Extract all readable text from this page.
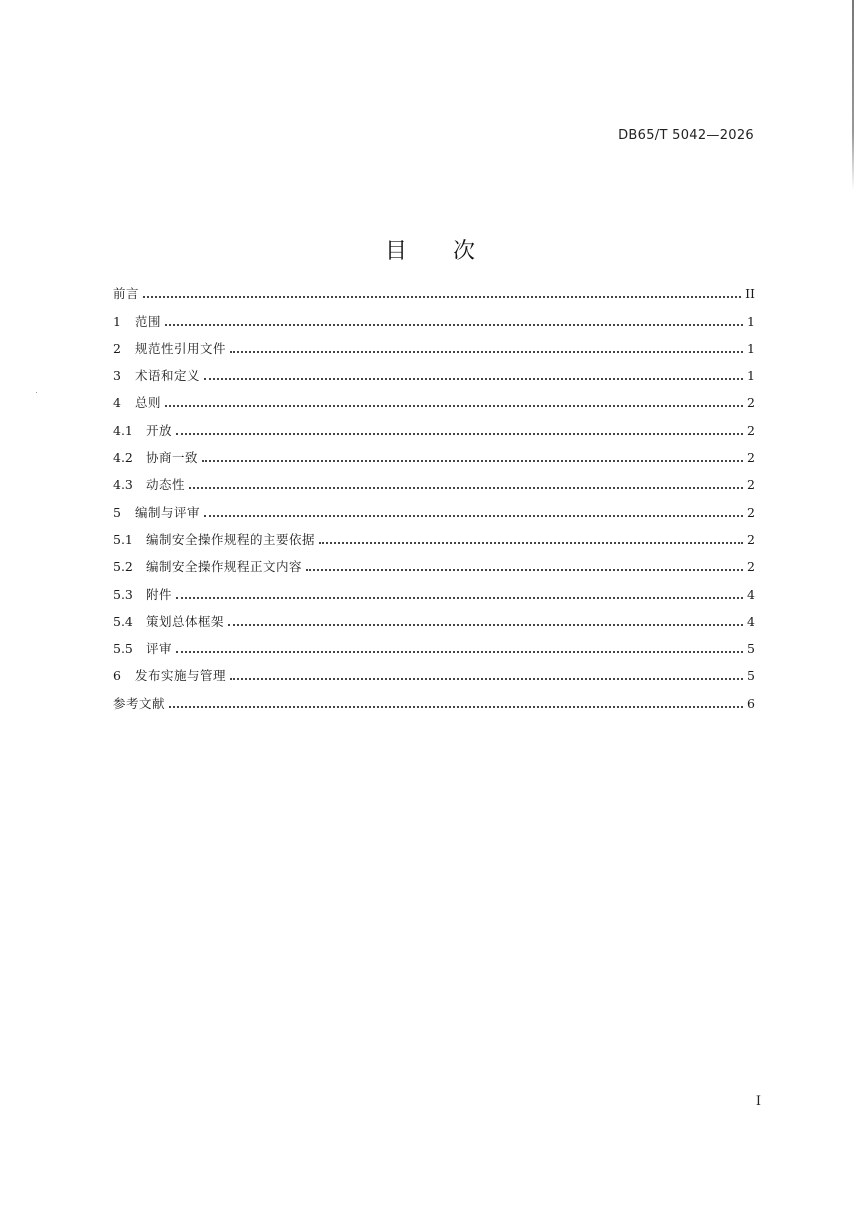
DB65/T 5042—2026
目次
前言	II
1	范围	1
2	规范性引用文件	1
3	术语和定义	1
4	总则	2
4.1	开放	2
4.2	协商一致	2
4.3	动态性	2
5	编制与评审	2
5.1	编制安全操作规程的主要依据	2
5.2	编制安全操作规程正文内容	2
5.3	附件	4
5.4	策划总体框架	4
5.5	评审	5
6	发布实施与管理	5
参考文献	6
I
